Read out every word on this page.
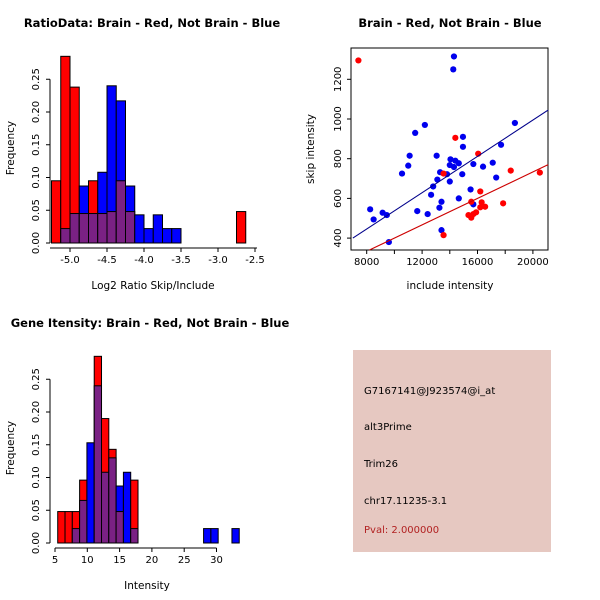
RatioData: Brain - Red, Not Brain - Blue
Log2 Ratio Skip/Include
Frequency
-5.0 -4.5 -4.0 -3.5 -3.0 -2.5
0.00
0.05
0.10
0.15
0.20
0.25
Brain - Red, Not Brain - Blue
include intensity
skip intensity
8000	12000 16000 20000
400
600
800
1000
1200
Gene Itensity: Brain - Red, Not Brain - Blue
Intensity
Frequency
5 10 15 20 25 30
0.00
0.05
0.10
0.15
0.20
0.25
G7167141@J923574@i_at
alt3Prime
Trim26
chr17.11235-3.1
Pval: 2.000000
